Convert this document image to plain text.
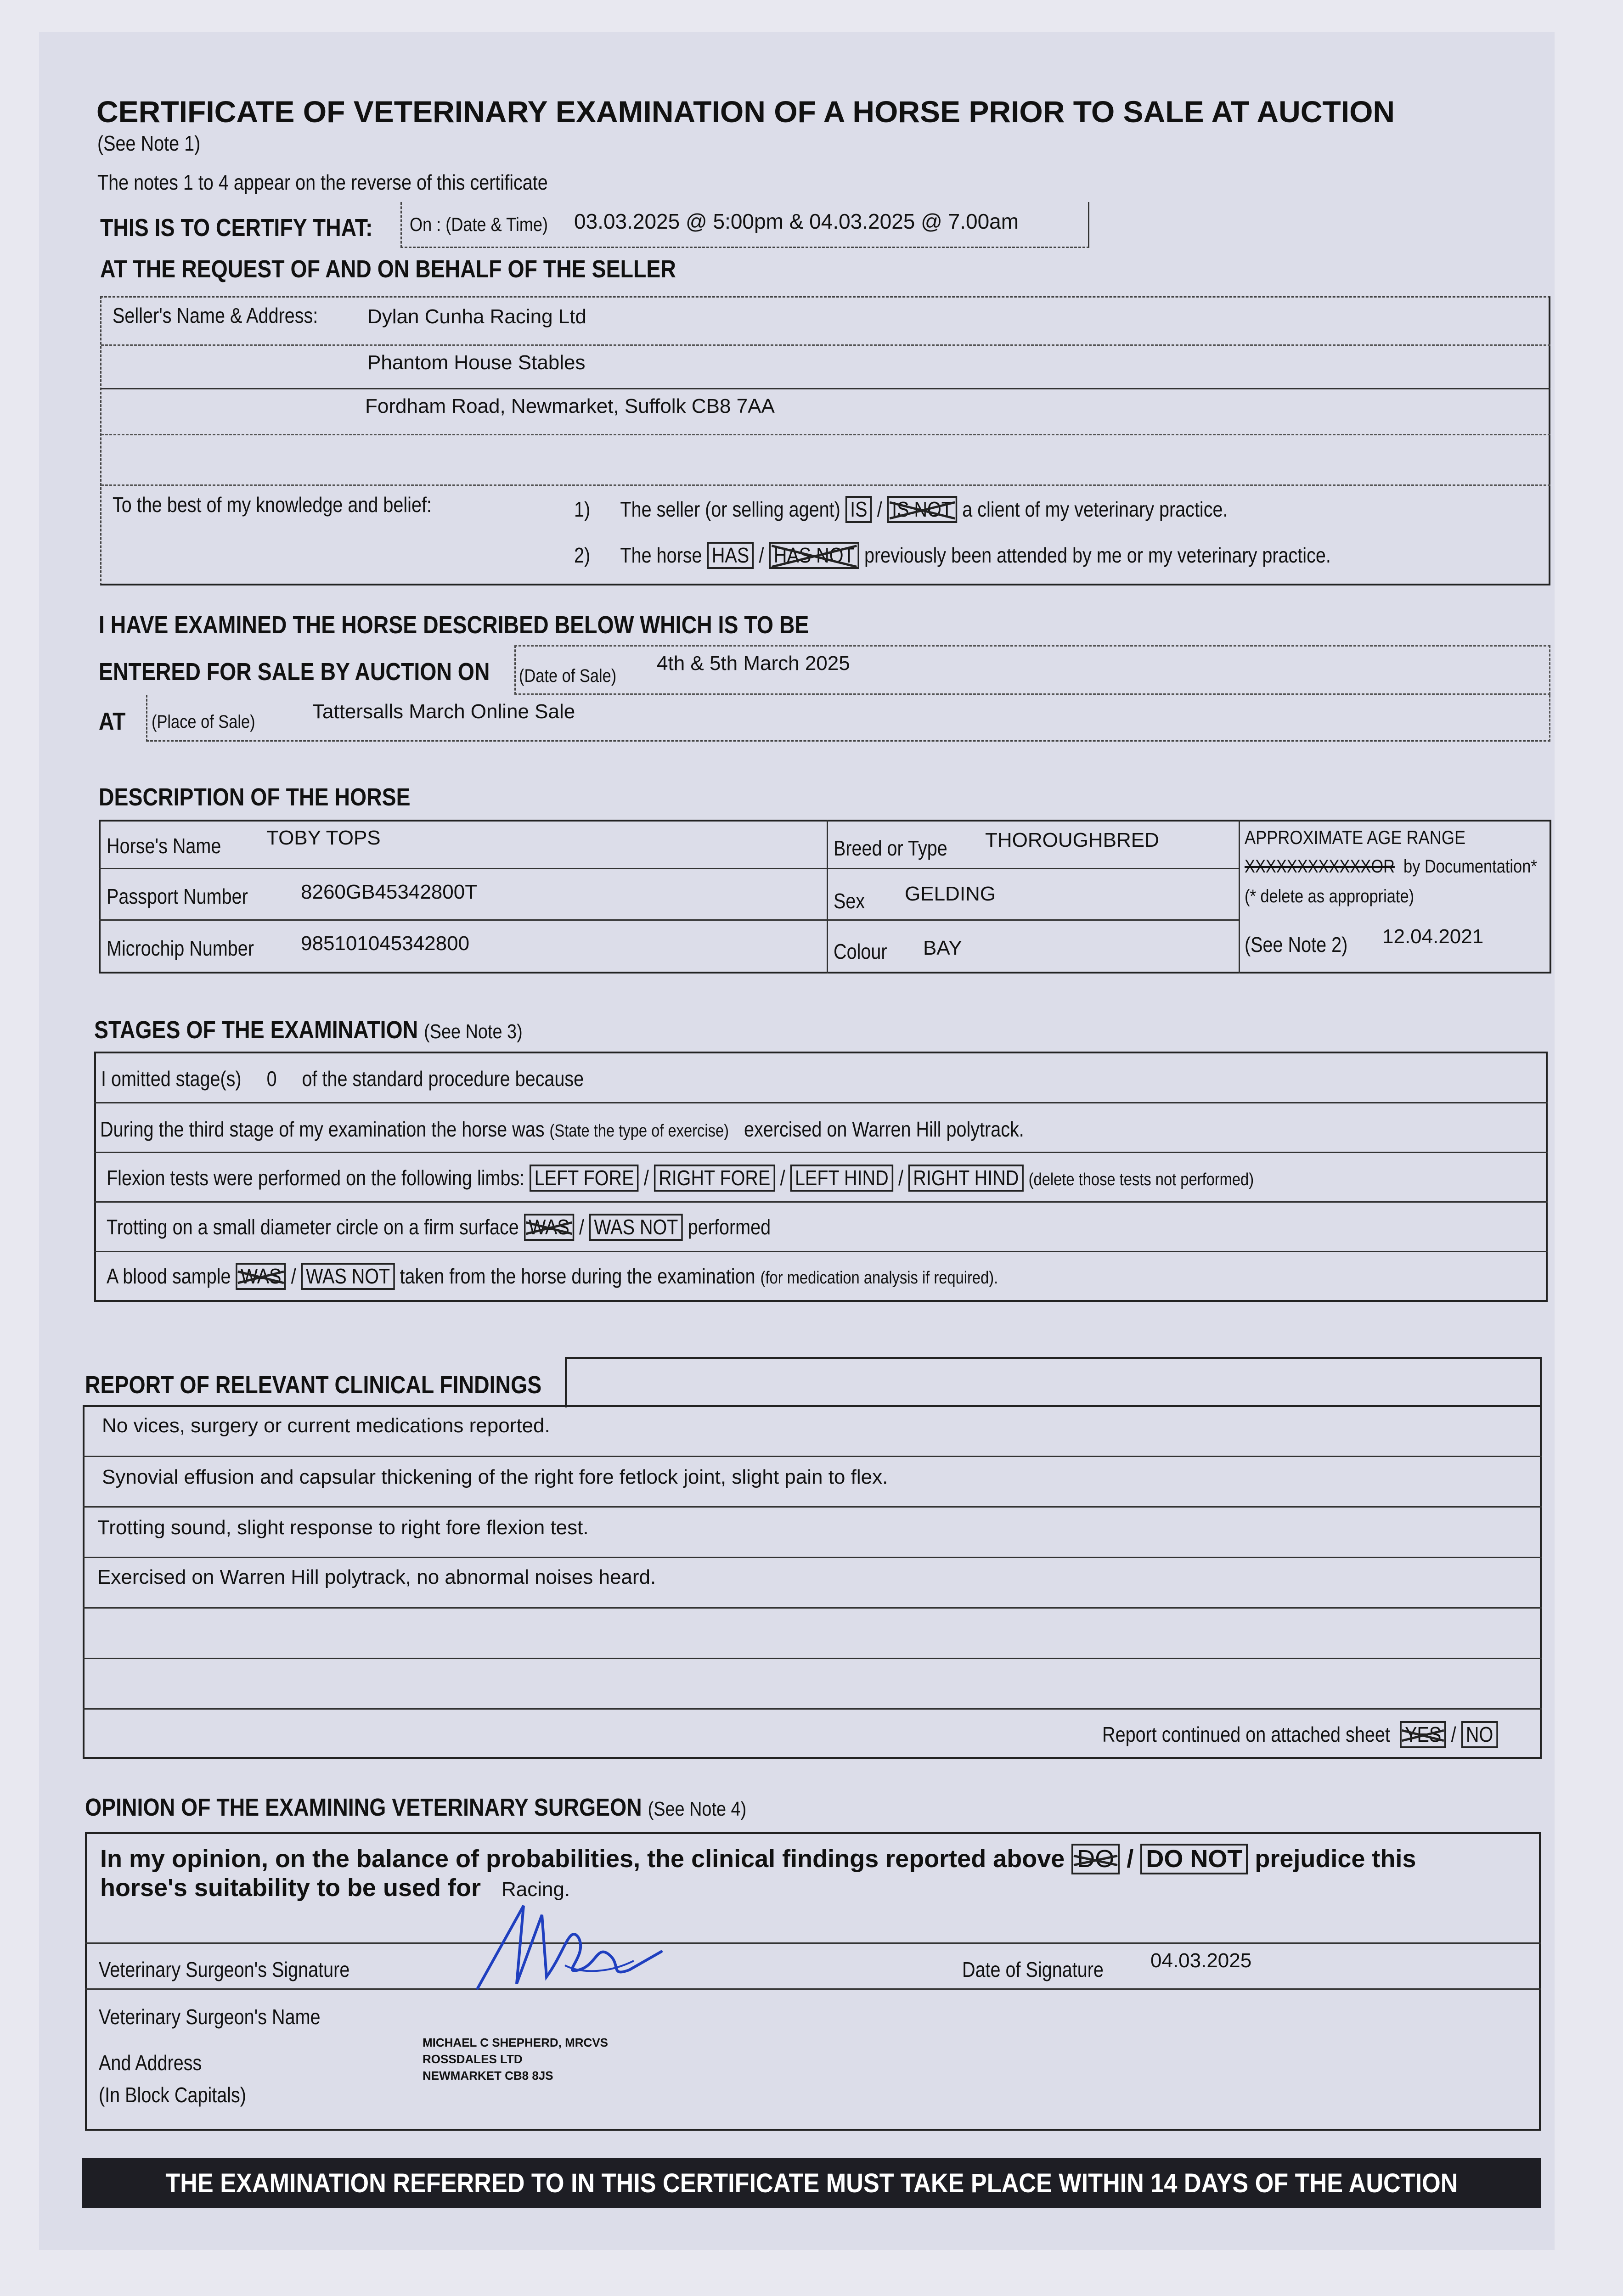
CERTIFICATE OF VETERINARY EXAMINATION OF A HORSE PRIOR TO SALE AT AUCTION
(See Note 1)
The notes 1 to 4 appear on the reverse of this certificate
THIS IS TO CERTIFY THAT: On : (Date & Time) 03.03.2025 @ 5:00pm & 04.03.2025 @ 7.00am
AT THE REQUEST OF AND ON BEHALF OF THE SELLER
Seller's Name & Address: Dylan Cunha Racing Ltd
Phantom House Stables
Fordham Road, Newmarket, Suffolk CB8 7AA
To the best of my knowledge and belief:	1) The seller (or selling agent) IS / IS NOT a client of my veterinary practice.
2) The horse HAS / HAS NOT previously been attended by me or my veterinary practice.
I HAVE EXAMINED THE HORSE DESCRIBED BELOW WHICH IS TO BE
ENTERED FOR SALE BY AUCTION ON (Date of Sale)
4th & 5th March 2025
AT (Place of Sale)	Tattersalls March Online Sale
DESCRIPTION OF THE HORSE
Horse's Name TOBY TOPS
Passport Number	8260GB45342800T
Microchip Number 985101045342800
Breed or Type THOROUGHBRED
Sex GELDING
Colour BAY
APPROXIMATE AGE RANGE
XXXXXXXXXXXXOR by Documentation*
(* delete as appropriate)
(See Note 2) 12.04.2021
STAGES OF THE EXAMINATION (See Note 3)
I omitted stage(s) 0 of the standard procedure because
During the third stage of my examination the horse was (State the type of exercise) exercised on Warren Hill polytrack.
Flexion tests were performed on the following limbs: LEFT FORE / RIGHT FORE / LEFT HIND / RIGHT HIND (delete those tests not performed)
Trotting on a small diameter circle on a firm surface WAS / WAS NOT performed
A blood sample WAS / WAS NOT taken from the horse during the examination (for medication analysis if required).
REPORT OF RELEVANT CLINICAL FINDINGS
No vices, surgery or current medications reported.
Synovial effusion and capsular thickening of the right fore fetlock joint, slight pain to flex.
Trotting sound, slight response to right fore flexion test.
Exercised on Warren Hill polytrack, no abnormal noises heard.
Report continued on attached sheet YES / NO
OPINION OF THE EXAMINING VETERINARY SURGEON (See Note 4)
In my opinion, on the balance of probabilities, the clinical findings reported above DO / DO NOT prejudice this
horse's suitability to be used for Racing.
Veterinary Surgeon's Signature	Date of Signature 04.03.2025
Veterinary Surgeon's Name
And Address
(In Block Capitals)
MICHAEL C SHEPHERD, MRCVS
ROSSDALES LTD
NEWMARKET CB8 8JS
THE EXAMINATION REFERRED TO IN THIS CERTIFICATE MUST TAKE PLACE WITHIN 14 DAYS OF THE AUCTION
